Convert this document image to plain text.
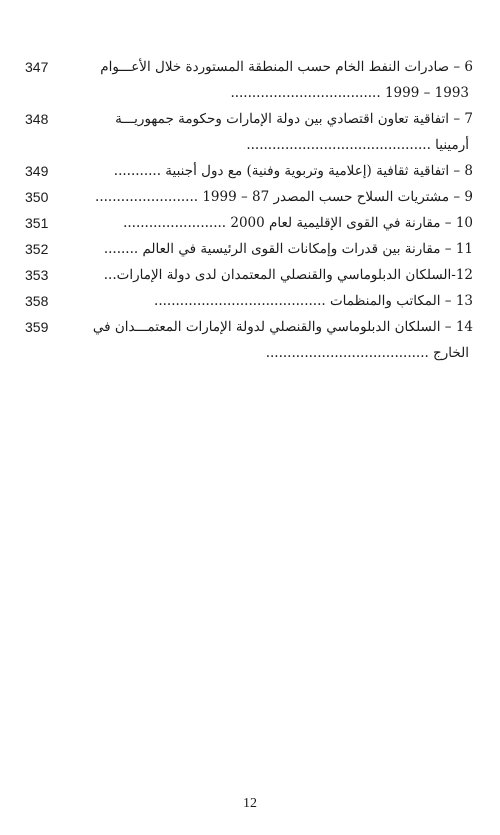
347	6 – صادرات النفط الخام حسب المنطقة المستوردة خلال الأعـــوام
1993 – 1999 ...................................
348	7 – اتفاقية تعاون اقتصادي بين دولة الإمارات وحكومة جمهوريـــة
أرمينيا ...........................................
349	8 – اتفاقية ثقافية (إعلامية وتربوية وفنية) مع دول أجنبية ...........
350	9 – مشتريات السلاح حسب المصدر 87 – 1999 ........................
351	10 – مقارنة في القوى الإقليمية لعام 2000 ........................
352	11 – مقارنة بين قدرات وإمكانات القوى الرئيسية في العالم ........
353	12-السلكان الدبلوماسي والقنصلي المعتمدان لدى دولة الإمارات...
358	13 – المكاتب والمنظمات ........................................
359	14 – السلكان الدبلوماسي والقنصلي لدولة الإمارات المعتمـــدان في
الخارج ......................................
12
